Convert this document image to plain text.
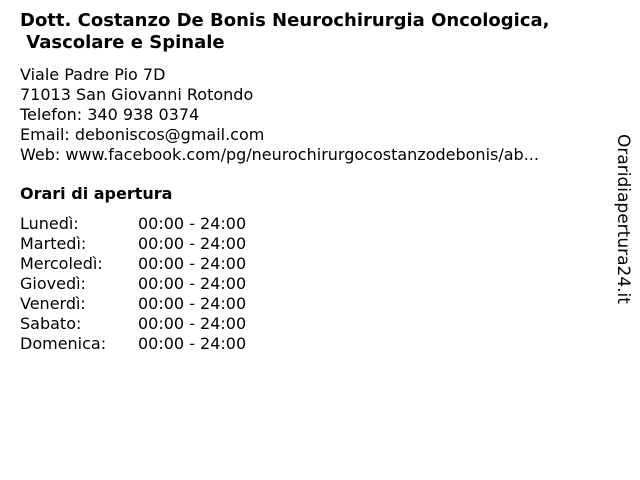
Dott. Costanzo De Bonis Neurochirurgia Oncologica,
Vascolare e Spinale
Viale Padre Pio 7D
71013 San Giovanni Rotondo
Telefon: 340 938 0374
Email: deboniscos@gmail.com
Web: www.facebook.com/pg/neurochirurgocostanzodebonis/ab...
Orari di apertura
Lunedì:	00:00 - 24:00
Martedì:	00:00 - 24:00
Mercoledì: 00:00 - 24:00
Giovedì:	00:00 - 24:00
Venerdì:	00:00 - 24:00
Sabato:	00:00 - 24:00
Domenica: 00:00 - 24:00
Oraridiapertura24.it
